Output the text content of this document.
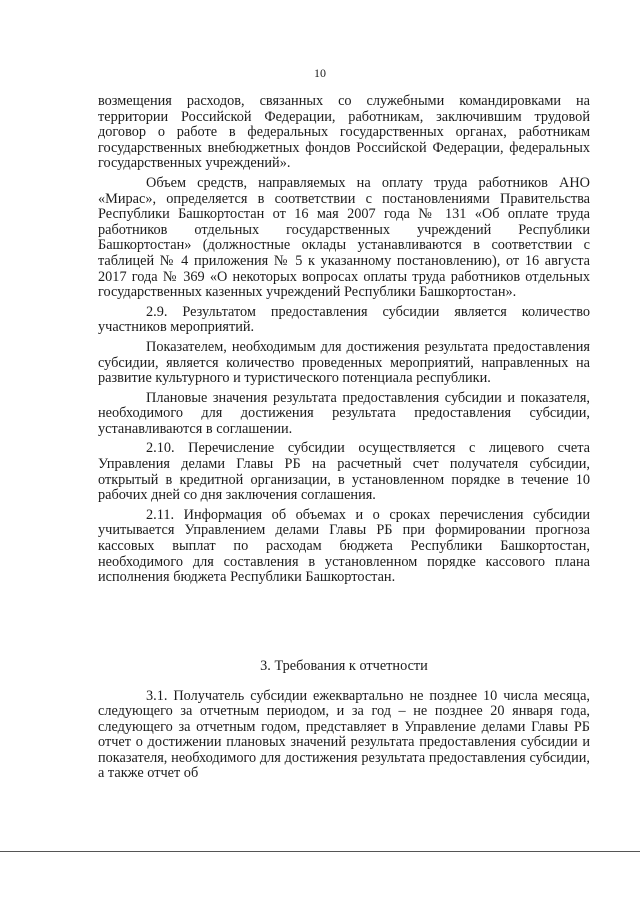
10

возмещения расходов, связанных со служебными командировками на территории Российской Федерации, работникам, заключившим трудовой договор о работе в федеральных государственных органах, работникам государственных внебюджетных фондов Российской Федерации, федеральных государственных учреждений».

Объем средств, направляемых на оплату труда работников АНО «Мирас», определяется в соответствии с постановлениями Правительства Республики Башкортостан от 16 мая 2007 года № 131 «Об оплате труда работников отдельных государственных учреждений Республики Башкортостан» (должностные оклады устанавливаются в соответствии с таблицей № 4 приложения № 5 к указанному постановлению), от 16 августа 2017 года № 369 «О некоторых вопросах оплаты труда работников отдельных государственных казенных учреждений Республики Башкортостан».

2.9. Результатом предоставления субсидии является количество участников мероприятий.

Показателем, необходимым для достижения результата предоставления субсидии, является количество проведенных мероприятий, направленных на развитие культурного и туристического потенциала республики.

Плановые значения результата предоставления субсидии и показателя, необходимого для достижения результата предоставления субсидии, устанавливаются в соглашении.

2.10. Перечисление субсидии осуществляется с лицевого счета Управления делами Главы РБ на расчетный счет получателя субсидии, открытый в кредитной организации, в установленном порядке в течение 10 рабочих дней со дня заключения соглашения.

2.11. Информация об объемах и о сроках перечисления субсидии учитывается Управлением делами Главы РБ при формировании прогноза кассовых выплат по расходам бюджета Республики Башкортостан, необходимого для составления в установленном порядке кассового плана исполнения бюджета Республики Башкортостан.

3. Требования к отчетности

3.1. Получатель субсидии ежеквартально не позднее 10 числа месяца, следующего за отчетным периодом, и за год – не позднее 20 января года, следующего за отчетным годом, представляет в Управление делами Главы РБ отчет о достижении плановых значений результата предоставления субсидии и показателя, необходимого для достижения результата предоставления субсидии, а также отчет об
